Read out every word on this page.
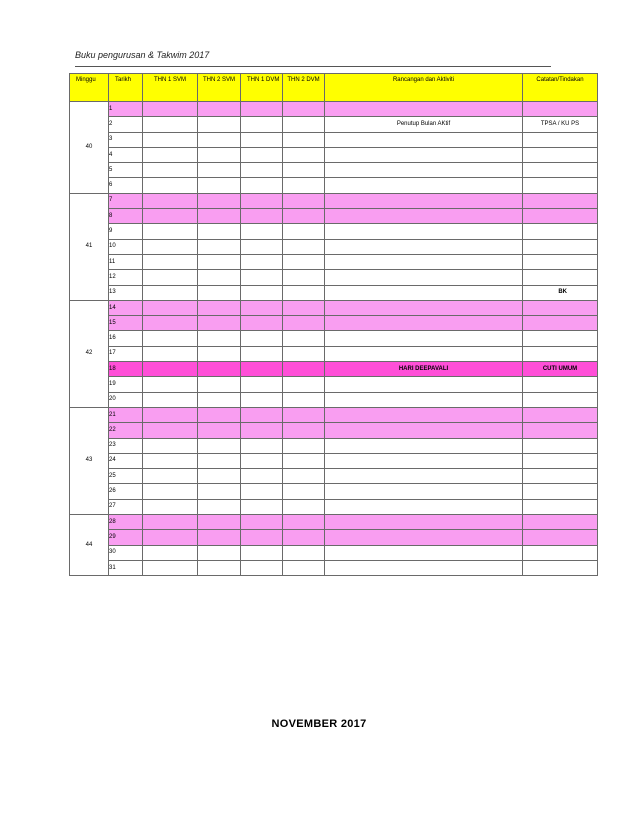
Buku pengurusan & Takwim 2017
Minggu	Tarikh	THN 1 SVM	THN 2 SVM	THN 1 DVM	THN 2 DVM	Rancangan dan Aktiviti	Catatan/Tindakan
40	1						
	2					Penutup Bulan AKtif	TPSA / KU PS
	3						
	4						
	5						
	6						
41	7						
	8						
	9						
	10						
	11						
	12						
	13						BK
42	14						
	15						
	16						
	17						
	18					HARI DEEPAVALI	CUTI UMUM
	19						
	20						
43	21						
	22						
	23						
	24						
	25						
	26						
	27						
44	28						
	29						
	30						
	31						
NOVEMBER 2017
